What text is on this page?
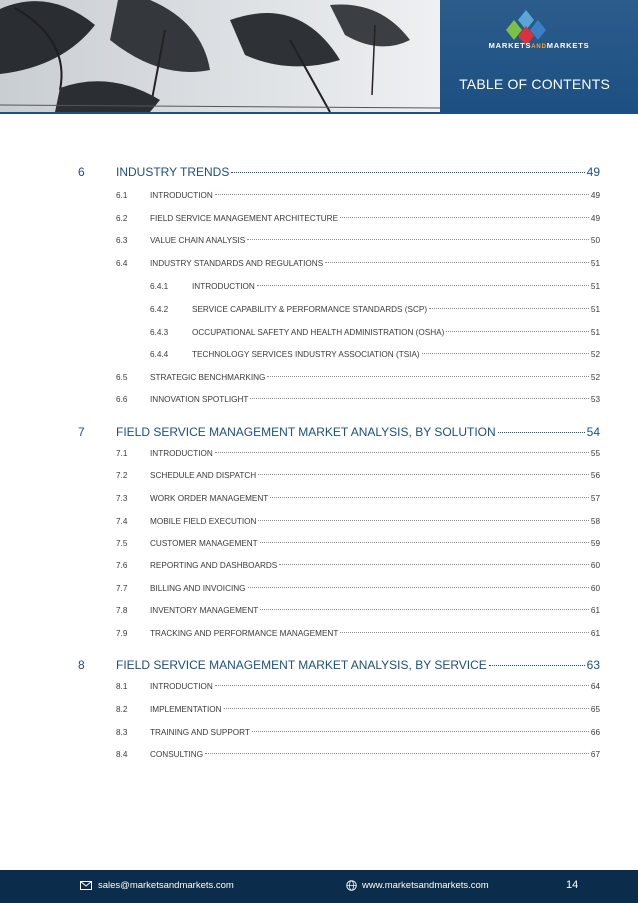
MARKETSANDMARKETS
TABLE OF CONTENTS
6	INDUSTRY TRENDS	49
6.1	INTRODUCTION	49
6.2	FIELD SERVICE MANAGEMENT ARCHITECTURE	49
6.3	VALUE CHAIN ANALYSIS	50
6.4	INDUSTRY STANDARDS AND REGULATIONS	51
6.4.1	INTRODUCTION	51
6.4.2	SERVICE CAPABILITY & PERFORMANCE STANDARDS (SCP)	51
6.4.3	OCCUPATIONAL SAFETY AND HEALTH ADMINISTRATION (OSHA)	51
6.4.4	TECHNOLOGY SERVICES INDUSTRY ASSOCIATION (TSIA)	52
6.5	STRATEGIC BENCHMARKING	52
6.6	INNOVATION SPOTLIGHT	53
7	FIELD SERVICE MANAGEMENT MARKET ANALYSIS, BY SOLUTION	54
7.1	INTRODUCTION	55
7.2	SCHEDULE AND DISPATCH	56
7.3	WORK ORDER MANAGEMENT	57
7.4	MOBILE FIELD EXECUTION	58
7.5	CUSTOMER MANAGEMENT	59
7.6	REPORTING AND DASHBOARDS	60
7.7	BILLING AND INVOICING	60
7.8	INVENTORY MANAGEMENT	61
7.9	TRACKING AND PERFORMANCE MANAGEMENT	61
8	FIELD SERVICE MANAGEMENT MARKET ANALYSIS, BY SERVICE	63
8.1	INTRODUCTION	64
8.2	IMPLEMENTATION	65
8.3	TRAINING AND SUPPORT	66
8.4	CONSULTING	67
sales@marketsandmarkets.com	www.marketsandmarkets.com	14
